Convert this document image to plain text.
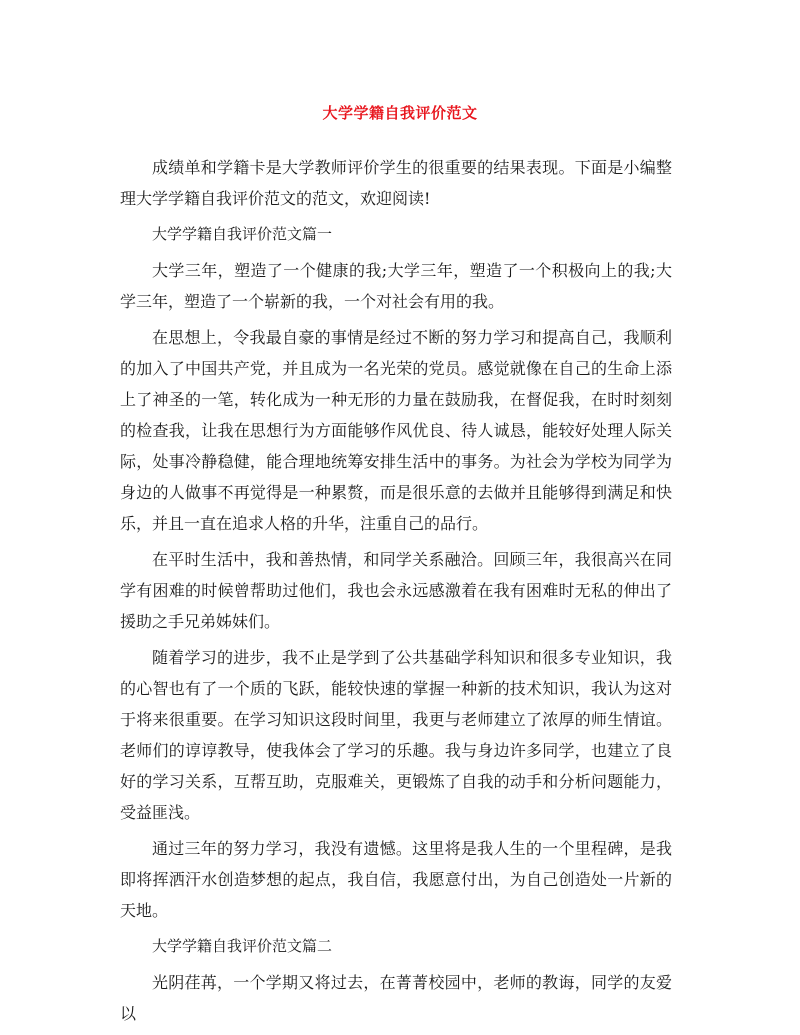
大学学籍自我评价范文

成绩单和学籍卡是大学教师评价学生的很重要的结果表现。下面是小编整理大学学籍自我评价范文的范文，欢迎阅读!

大学学籍自我评价范文篇一

大学三年，塑造了一个健康的我;大学三年，塑造了一个积极向上的我;大学三年，塑造了一个崭新的我，一个对社会有用的我。

在思想上，令我最自豪的事情是经过不断的努力学习和提高自己，我顺利的加入了中国共产党，并且成为一名光荣的党员。感觉就像在自己的生命上添上了神圣的一笔，转化成为一种无形的力量在鼓励我，在督促我，在时时刻刻的检查我，让我在思想行为方面能够作风优良、待人诚恳，能较好处理人际关际，处事冷静稳健，能合理地统筹安排生活中的事务。为社会为学校为同学为身边的人做事不再觉得是一种累赘，而是很乐意的去做并且能够得到满足和快乐，并且一直在追求人格的升华，注重自己的品行。

在平时生活中，我和善热情，和同学关系融洽。回顾三年，我很高兴在同学有困难的时候曾帮助过他们，我也会永远感激着在我有困难时无私的伸出了援助之手兄弟姊妹们。

随着学习的进步，我不止是学到了公共基础学科知识和很多专业知识，我的心智也有了一个质的飞跃，能较快速的掌握一种新的技术知识，我认为这对于将来很重要。在学习知识这段时间里，我更与老师建立了浓厚的师生情谊。老师们的谆谆教导，使我体会了学习的乐趣。我与身边许多同学，也建立了良好的学习关系，互帮互助，克服难关，更锻炼了自我的动手和分析问题能力，受益匪浅。

通过三年的努力学习，我没有遗憾。这里将是我人生的一个里程碑，是我即将挥洒汗水创造梦想的起点，我自信，我愿意付出，为自己创造处一片新的天地。

大学学籍自我评价范文篇二

光阴荏苒，一个学期又将过去，在菁菁校园中，老师的教诲，同学的友爱以
